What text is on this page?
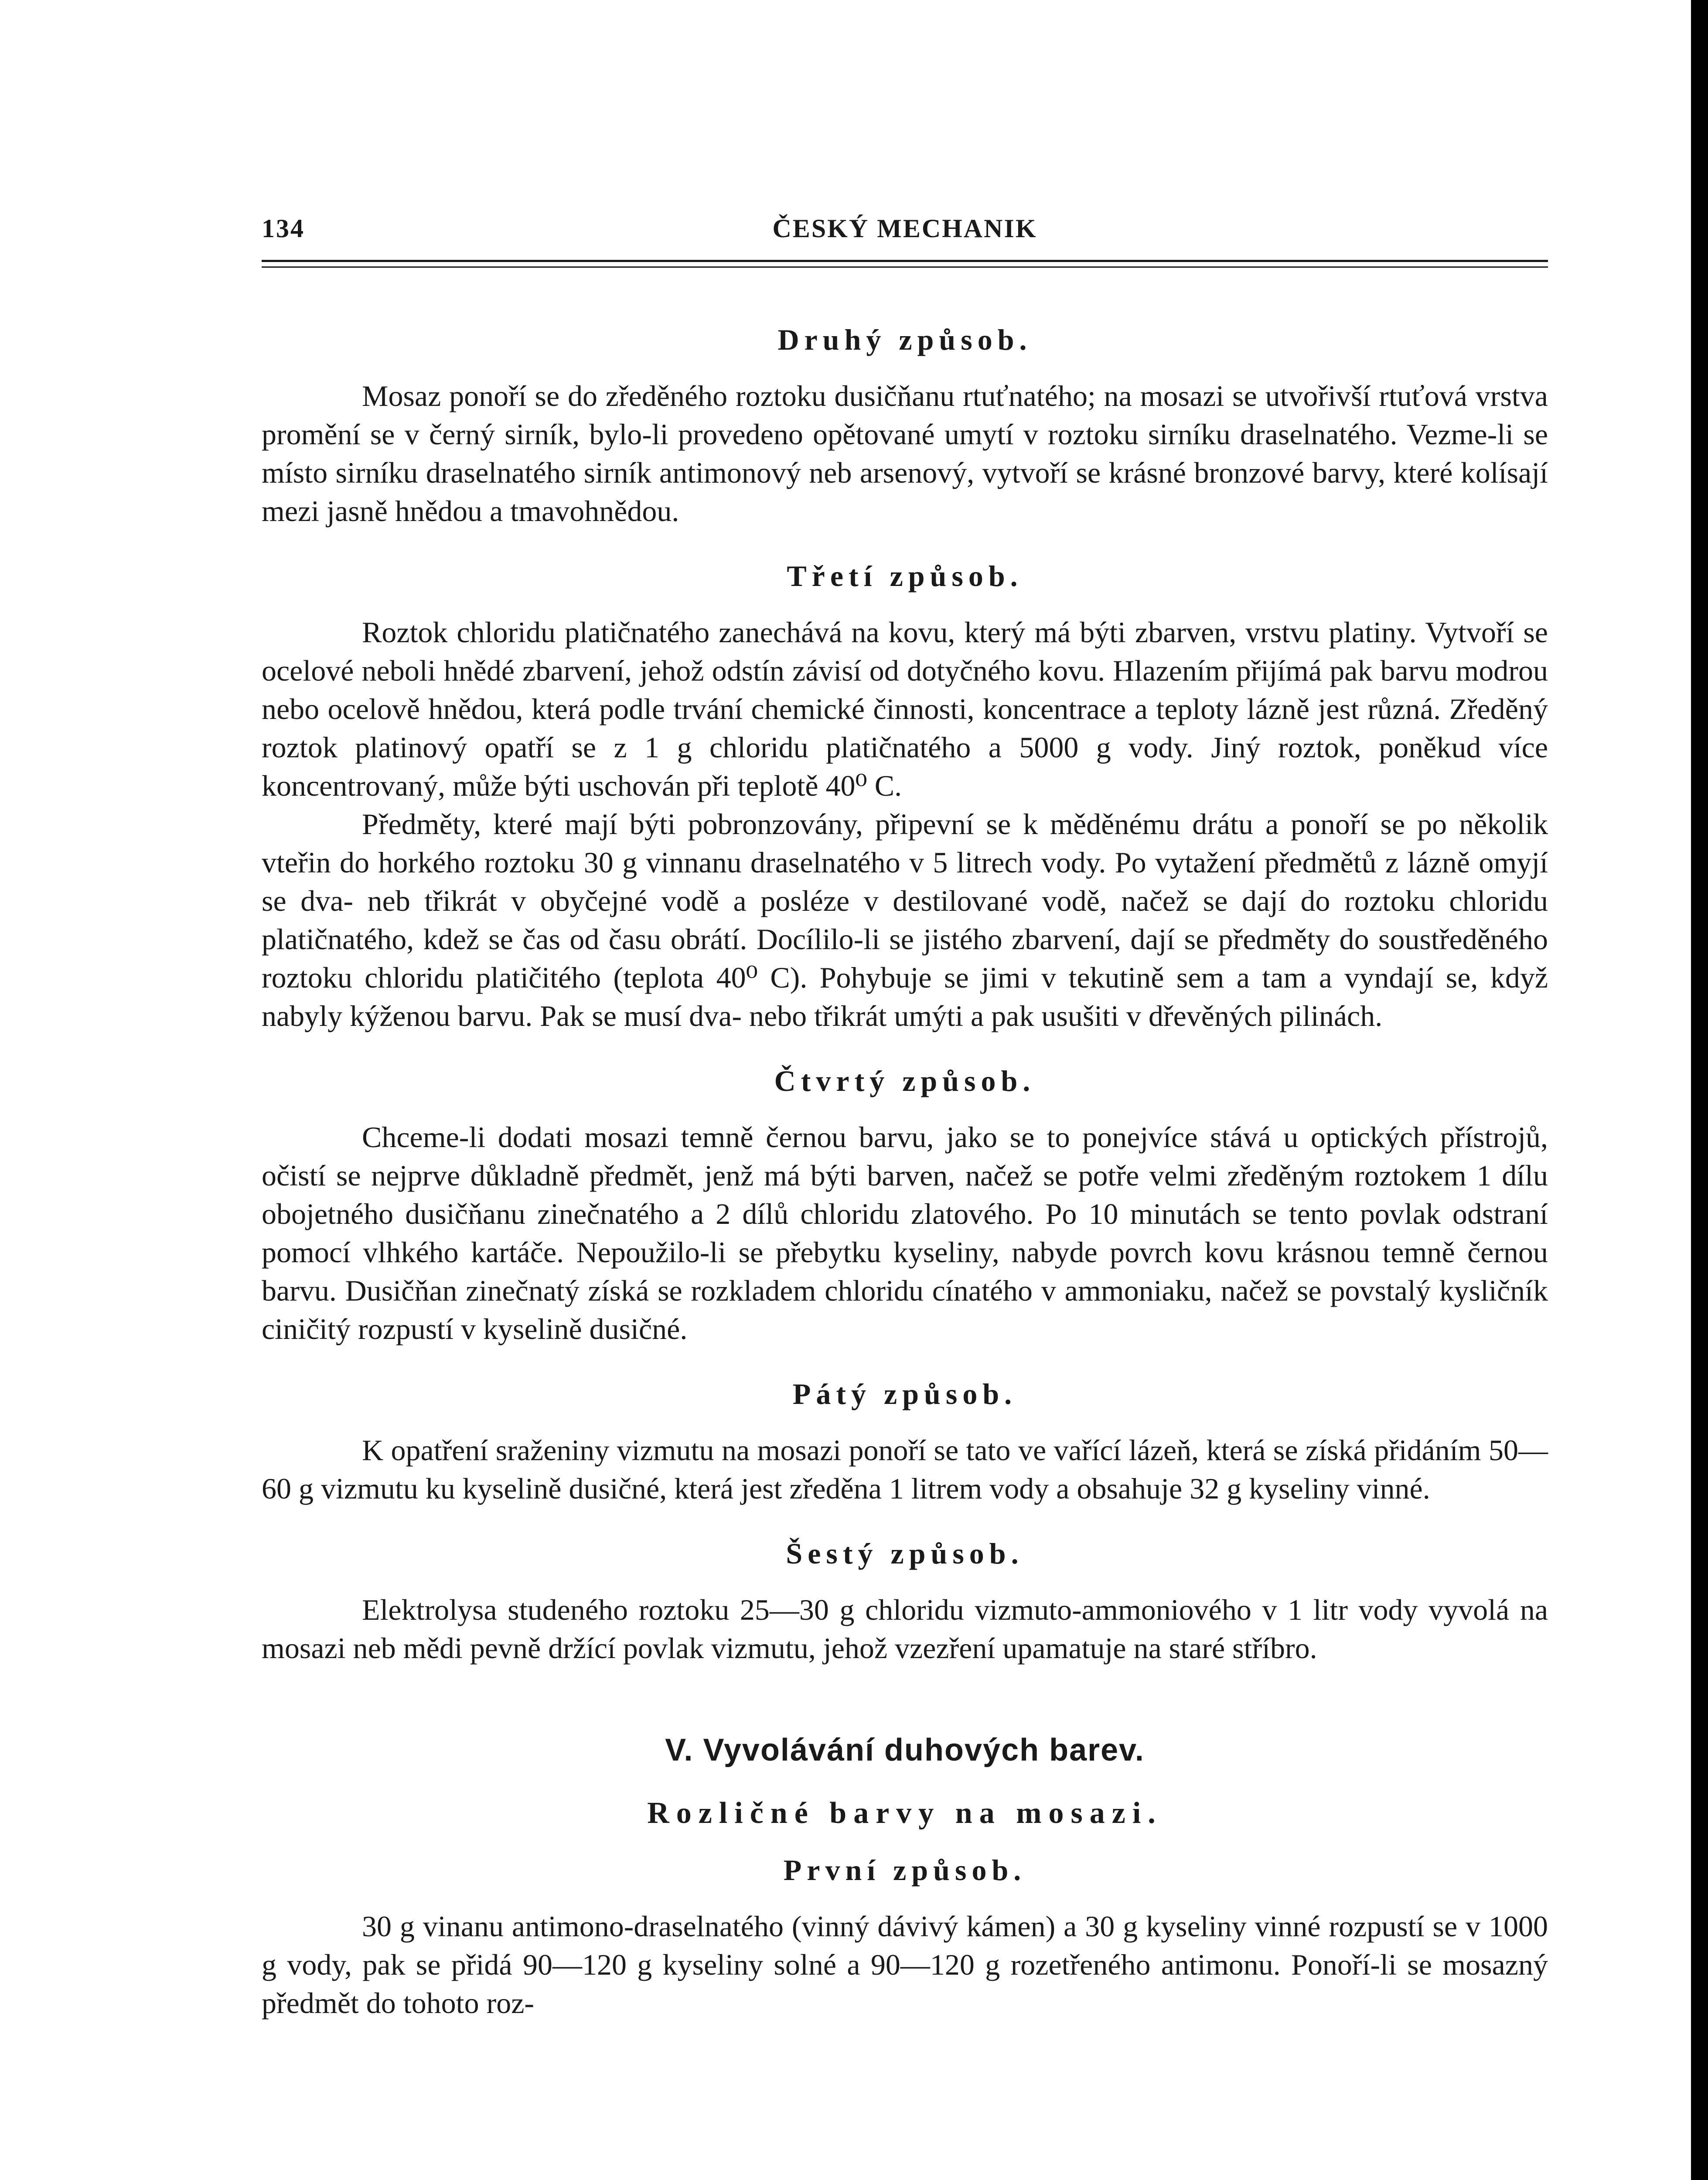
134	ČESKÝ MECHANIK
Druhý způsob.

Mosaz ponoří se do zředěného roztoku dusičňanu rtuťnatého; na mosazi se utvořivší rtuťová vrstva promění se v černý sirník, bylo-li provedeno opětované umytí v roztoku sirníku draselnatého. Vezme-li se místo sirníku draselnatého sirník antimonový neb arsenový, vytvoří se krásné bronzové barvy, které kolísají mezi jasně hnědou a tmavohnědou.

Třetí způsob.

Roztok chloridu platičnatého zanechává na kovu, který má býti zbarven, vrstvu platiny. Vytvoří se ocelové neboli hnědé zbarvení, jehož odstín závisí od dotyčného kovu. Hlazením přijímá pak barvu modrou nebo ocelově hnědou, která podle trvání chemické činnosti, koncentrace a teploty lázně jest různá. Zředěný roztok platinový opatří se z 1 g chloridu platičnatého a 5000 g vody. Jiný roztok, poněkud více koncentrovaný, může býti uschován při teplotě 40⁰ C.

Předměty, které mají býti pobronzovány, připevní se k měděnému drátu a ponoří se po několik vteřin do horkého roztoku 30 g vinnanu draselnatého v 5 litrech vody. Po vytažení předmětů z lázně omyjí se dva- neb třikrát v obyčejné vodě a posléze v destilované vodě, načež se dají do roztoku chloridu platičnatého, kdež se čas od času obrátí. Docílilo-li se jistého zbarvení, dají se předměty do soustředěného roztoku chloridu platičitého (teplota 40⁰ C). Pohybuje se jimi v tekutině sem a tam a vyndají se, když nabyly kýženou barvu. Pak se musí dva- nebo třikrát umýti a pak usušiti v dřevěných pilinách.

Čtvrtý způsob.

Chceme-li dodati mosazi temně černou barvu, jako se to ponejvíce stává u optických přístrojů, očistí se nejprve důkladně předmět, jenž má býti barven, načež se potře velmi zředěným roztokem 1 dílu obojetného dusičňanu zinečnatého a 2 dílů chloridu zlatového. Po 10 minutách se tento povlak odstraní pomocí vlhkého kartáče. Nepoužilo-li se přebytku kyseliny, nabyde povrch kovu krásnou temně černou barvu. Dusičňan zinečnatý získá se rozkladem chloridu cínatého v ammoniaku, načež se povstalý kysličník ciničitý rozpustí v kyselině dusičné.

Pátý způsob.

K opatření sraženiny vizmutu na mosazi ponoří se tato ve vařící lázeň, která se získá přidáním 50—60 g vizmutu ku kyselině dusičné, která jest zředěna 1 litrem vody a obsahuje 32 g kyseliny vinné.

Šestý způsob.

Elektrolysa studeného roztoku 25—30 g chloridu vizmuto-ammoniového v 1 litr vody vyvolá na mosazi neb mědi pevně držící povlak vizmutu, jehož vzezření upamatuje na staré stříbro.

V. Vyvolávání duhových barev.
Rozličné barvy na mosazi.
První způsob.

30 g vinanu antimono-draselnatého (vinný dávivý kámen) a 30 g kyseliny vinné rozpustí se v 1000 g vody, pak se přidá 90—120 g kyseliny solné a 90—120 g rozetřeného antimonu. Ponoří-li se mosazný předmět do tohoto roz-
